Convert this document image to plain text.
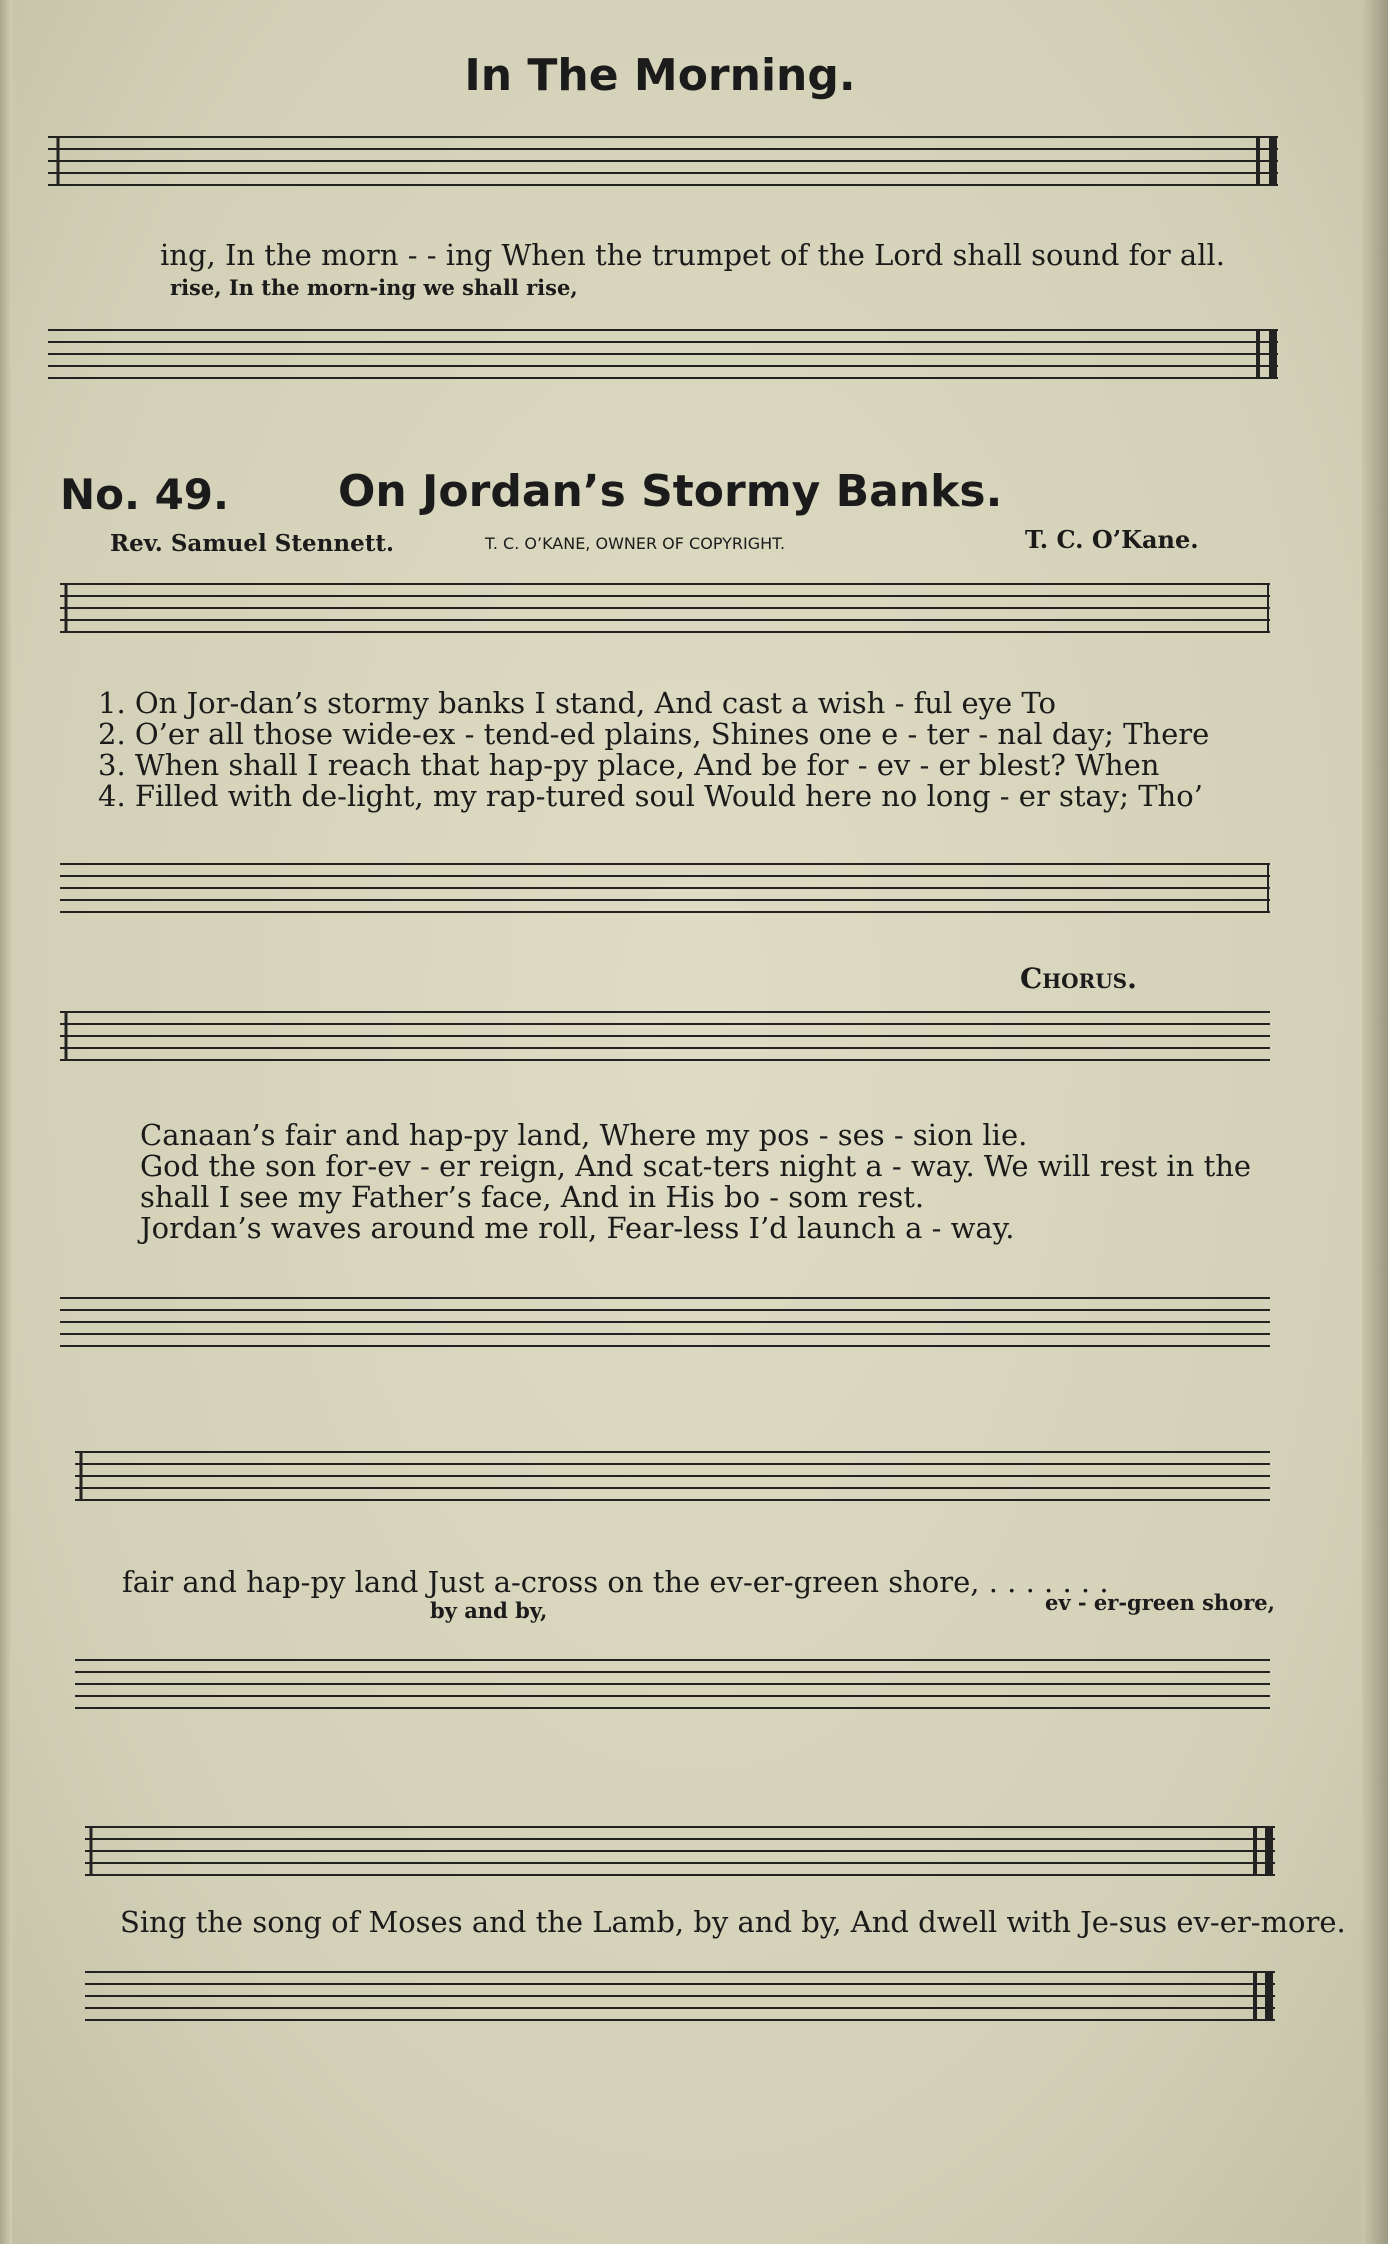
In The Morning.
ing, In the morn - - ing When the trumpet of the Lord shall sound for all.
rise, In the morn-ing we shall rise,
No. 49. On Jordan’s Stormy Banks.
Rev. Samuel Stennett.	T. C. O’KANE, OWNER OF COPYRIGHT.	T. C. O’Kane.
1. On Jor-dan’s stormy banks I stand, And cast a wish - ful eye To
2. O’er all those wide-ex - tend-ed plains, Shines one e - ter - nal day; There
3. When shall I reach that hap-py place, And be for - ev - er blest? When
4. Filled with de-light, my rap-tured soul Would here no long - er stay; Tho’
Chorus.
Canaan’s fair and hap-py land, Where my pos - ses - sion lie.
God the son for-ev - er reign, And scat-ters night a - way. We will rest in the
shall I see my Father’s face, And in His bo - som rest.
Jordan’s waves around me roll, Fear-less I’d launch a - way.
fair and hap-py land Just a-cross on the ev-er-green shore, . . . . . . .
by and by,	ev - er-green shore,
Sing the song of Moses and the Lamb, by and by, And dwell with Je-sus ev-er-more.
